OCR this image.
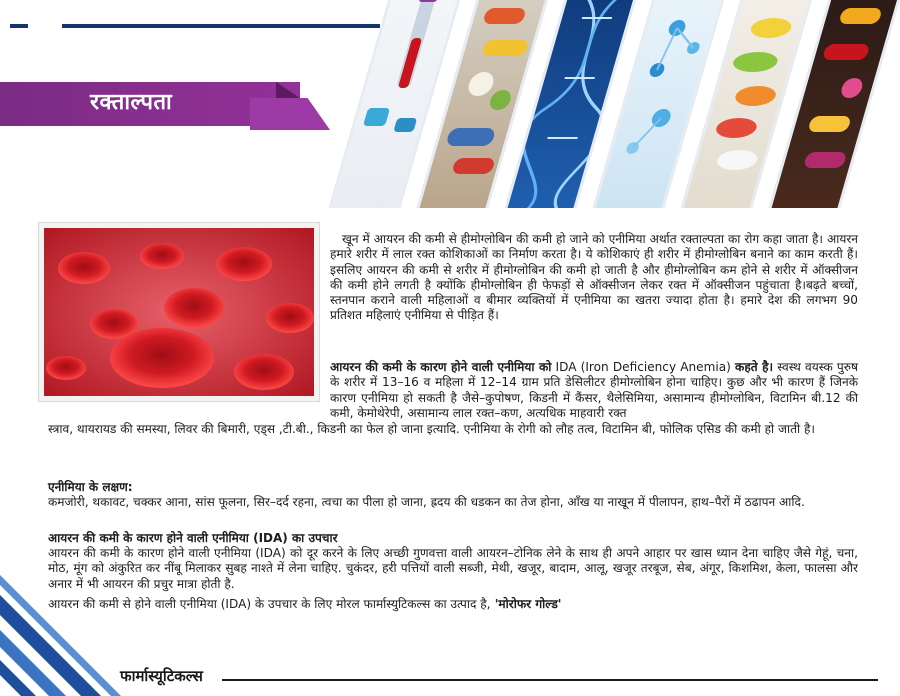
रक्ताल्पता

खून में आयरन की कमी से हीमोग्लोबिन की कमी हो जाने को एनीमिया अर्थात रक्ताल्पता का रोग कहा जाता है। आयरन हमारे शरीर में लाल रक्त कोशिकाओं का निर्माण करता है। ये कोशिकाएं ही शरीर में हीमोग्लोबिन बनाने का काम करती हैं। इसलिए आयरन की कमी से शरीर में हीमोग्लोबिन की कमी हो जाती है और हीमोग्लोबिन कम होने से शरीर में ऑक्सीजन की कमी होने लगती है क्योंकि हीमोग्लोबिन ही फेफड़ों से ऑक्सीजन लेकर रक्त में ऑक्सीजन पहुंचाता है।बढ़ते बच्चों, स्तनपान कराने वाली महिलाओं व बीमार व्यक्तियों में एनीमिया का खतरा ज्यादा होता है। हमारे देश की लगभग 90 प्रतिशत महिलाएं एनीमिया से पीड़ित हैं।

आयरन की कमी के कारण होने वाली एनीमिया को IDA (Iron Deficiency Anemia) कहते है। स्वस्थ वयस्क पुरुष के शरीर में 13–16 व महिला में 12–14 ग्राम प्रति डेसिलीटर हीमोग्लोबिन होना चाहिए। कुछ और भी कारण हैं जिनके कारण एनीमिया हो सकती है जैसे–कुपोषण, किडनी में कैंसर, थैलेसिमिया, असामान्य हीमोग्लोबिन, विटामिन बी.12 की कमी, केमोथेरेपी, असामान्य लाल रक्त–कण, अत्यधिक माहवारी रक्त

स्त्राव, थायरायड की समस्या, लिवर की बिमारी, एड्स ,टी.बी., किडनी का फेल हो जाना इत्यादि. एनीमिया के रोगी को लौह तत्व, विटामिन बी, फोलिक एसिड की कमी हो जाती है।

एनीमिया के लक्षण:

कमजोरी, थकावट, चक्कर आना, सांस फूलना, सिर–दर्द रहना, त्वचा का पीला हो जाना, ह्रदय की धडकन का तेज होना, आँख या नाखून में पीलापन, हाथ–पैरों में ठढापन आदि.

आयरन की कमी के कारण होने वाली एनीमिया (IDA) का उपचार

आयरन की कमी के कारण होने वाली एनीमिया (IDA) को दूर करने के लिए अच्छी गुणवत्ता वाली आयरन–टोनिक लेने के साथ ही अपने आहार पर खास ध्यान देना चाहिए जैसे गेहूं, चना, मोठ, मूंग को अंकुरित कर नींबू मिलाकर सुबह नाश्ते में लेना चाहिए. चुकंदर, हरी पत्तियों वाली सब्जी, मेथी, खजूर, बादाम, आलू, खजूर तरबूज, सेब, अंगूर, किशमिश, केला, फालसा और अनार में भी आयरन की प्रचुर मात्रा होती है.

आयरन की कमी से होने वाली एनीमिया (IDA) के उपचार के लिए मोरल फार्मास्युटिकल्स का उत्पाद है, 'मोरोफर गोल्ड'

फार्मास्यूटिकल्स
